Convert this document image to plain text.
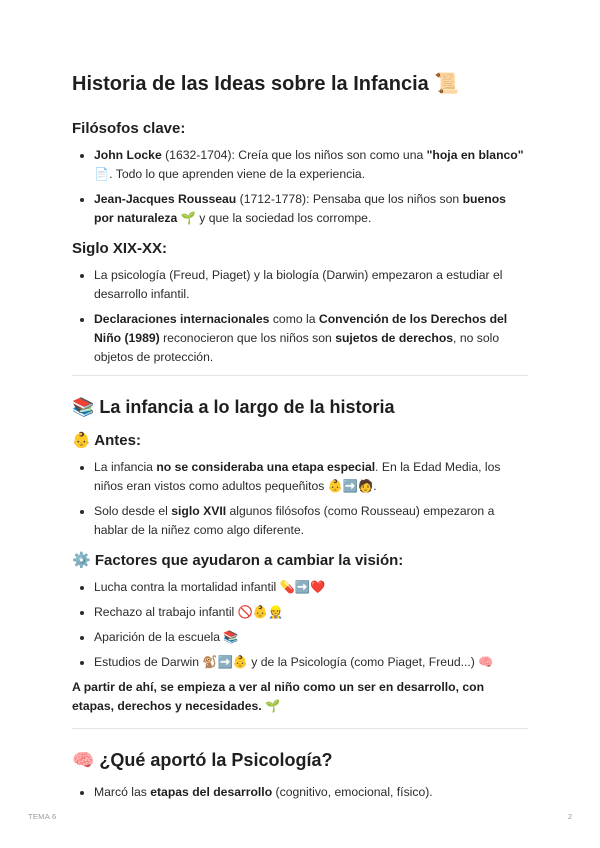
Historia de las Ideas sobre la Infancia 📜
Filósofos clave:
• John Locke (1632-1704): Creía que los niños son como una "hoja en blanco" 📄. Todo lo que aprenden viene de la experiencia.
• Jean-Jacques Rousseau (1712-1778): Pensaba que los niños son buenos por naturaleza 🌱 y que la sociedad los corrompe.
Siglo XIX-XX:
• La psicología (Freud, Piaget) y la biología (Darwin) empezaron a estudiar el desarrollo infantil.
• Declaraciones internacionales como la Convención de los Derechos del Niño (1989) reconocieron que los niños son sujetos de derechos, no solo objetos de protección.
📚 La infancia a lo largo de la historia
👶 Antes:
• La infancia no se consideraba una etapa especial. En la Edad Media, los niños eran vistos como adultos pequeñitos 👶➡️🧑.
• Solo desde el siglo XVII algunos filósofos (como Rousseau) empezaron a hablar de la niñez como algo diferente.
⚙️ Factores que ayudaron a cambiar la visión:
• Lucha contra la mortalidad infantil 💊➡️❤️
• Rechazo al trabajo infantil 🚫👶👷
• Aparición de la escuela 📚
• Estudios de Darwin 🐒➡️👶 y de la Psicología (como Piaget, Freud...) 🧠

A partir de ahí, se empieza a ver al niño como un ser en desarrollo, con etapas, derechos y necesidades. 🌱

🧠 ¿Qué aportó la Psicología?
• Marcó las etapas del desarrollo (cognitivo, emocional, físico).
TEMA 6	2
